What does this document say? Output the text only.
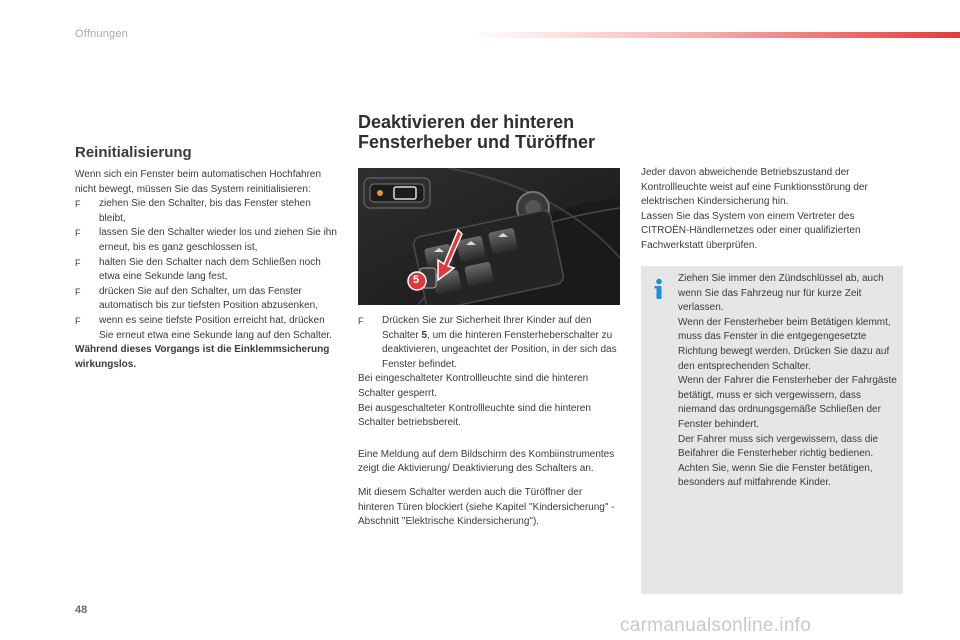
Öffnungen
Reinitialisierung

Wenn sich ein Fenster beim automatischen Hochfahren nicht bewegt, müssen Sie das System reinitialisieren:

F ziehen Sie den Schalter, bis das Fenster stehen bleibt,
F lassen Sie den Schalter wieder los und ziehen Sie ihn erneut, bis es ganz geschlossen ist,
F halten Sie den Schalter nach dem Schließen noch etwa eine Sekunde lang fest,
F drücken Sie auf den Schalter, um das Fenster automatisch bis zur tiefsten Position abzusenken,
F wenn es seine tiefste Position erreicht hat, drücken Sie erneut etwa eine Sekunde lang auf den Schalter.

Während dieses Vorgangs ist die Einklemmsicherung wirkungslos.

Deaktivieren der hinteren
Fensterheber und Türöffner
5
F Drücken Sie zur Sicherheit Ihrer Kinder auf den Schalter 5, um die hinteren Fensterheberschalter zu deaktivieren, ungeachtet der Position, in der sich das Fenster befindet.

Bei eingeschalteter Kontrollleuchte sind die hinteren Schalter gesperrt.

Bei ausgeschalteter Kontrollleuchte sind die hinteren Schalter betriebsbereit.

Eine Meldung auf dem Bildschirm des Kombiinstrumentes zeigt die Aktivierung/ Deaktivierung des Schalters an.

Mit diesem Schalter werden auch die Türöffner der hinteren Türen blockiert (siehe Kapitel "Kindersicherung" - Abschnitt "Elektrische Kindersicherung").

Jeder davon abweichende Betriebszustand der Kontrollleuchte weist auf eine Funktionsstörung der elektrischen Kindersicherung hin.

Lassen Sie das System von einem Vertreter des CITROËN-Händlernetzes oder einer qualifizierten Fachwerkstatt überprüfen.

Ziehen Sie immer den Zündschlüssel ab, auch wenn Sie das Fahrzeug nur für kurze Zeit verlassen.

Wenn der Fensterheber beim Betätigen klemmt, muss das Fenster in die entgegengesetzte Richtung bewegt werden. Drücken Sie dazu auf den entsprechenden Schalter.

Wenn der Fahrer die Fensterheber der Fahrgäste betätigt, muss er sich vergewissern, dass niemand das ordnungsgemäße Schließen der Fenster behindert.

Der Fahrer muss sich vergewissern, dass die Beifahrer die Fensterheber richtig bedienen.

Achten Sie, wenn Sie die Fenster betätigen, besonders auf mitfahrende Kinder.

48
carmanualsonline.info
